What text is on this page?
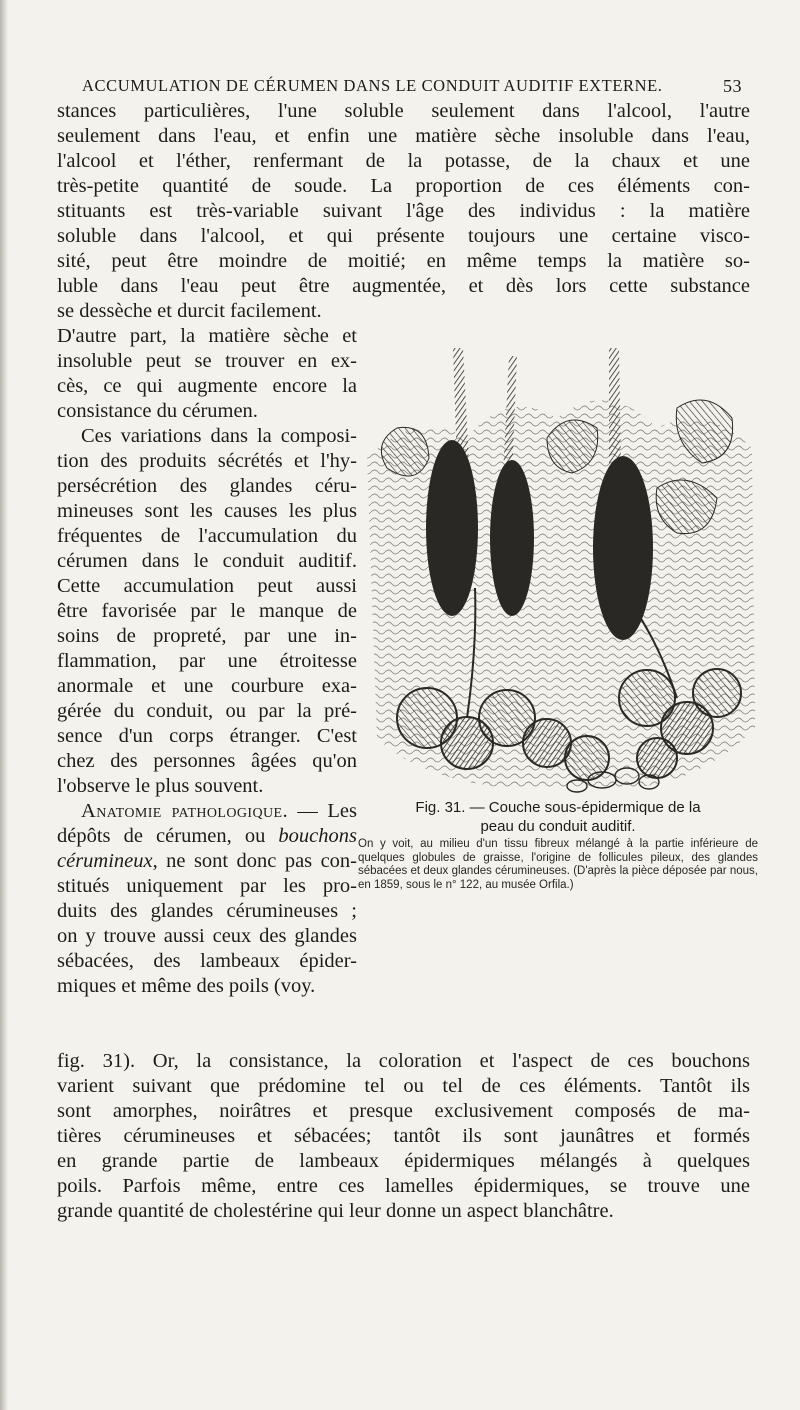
ACCUMULATION DE CÉRUMEN DANS LE CONDUIT AUDITIF EXTERNE.	53
stances particulières, l'une soluble seulement dans l'alcool, l'autre
seulement dans l'eau, et enfin une matière sèche insoluble dans l'eau,
l'alcool et l'éther, renfermant de la potasse, de la chaux et une
très-petite quantité de soude. La proportion de ces éléments con-
stituants est très-variable suivant l'âge des individus : la matière
soluble dans l'alcool, et qui présente toujours une certaine visco-
sité, peut être moindre de moitié; en même temps la matière so-
luble dans l'eau peut être augmentée, et dès lors cette substance
se dessèche et durcit facilement.
D'autre part, la matière sèche et
insoluble peut se trouver en ex-
cès, ce qui augmente encore la
consistance du cérumen.
Ces variations dans la composi-
tion des produits sécrétés et l'hy-
persécrétion des glandes céru-
mineuses sont les causes les plus
fréquentes de l'accumulation du
cérumen dans le conduit auditif.
Cette accumulation peut aussi
être favorisée par le manque de
soins de propreté, par une in-
flammation, par une étroitesse
anormale et une courbure exa-
gérée du conduit, ou par la pré-
sence d'un corps étranger. C'est
chez des personnes âgées qu'on
l'observe le plus souvent.
Anatomie pathologique. — Les
dépôts de cérumen, ou bouchons
cérumineux, ne sont donc pas con-
stitués uniquement par les pro-
duits des glandes cérumineuses ;
on y trouve aussi ceux des glandes
sébacées, des lambeaux épider-
miques et même des poils (voy.
Fig. 31. — Couche sous-épidermique de la
peau du conduit auditif.
On y voit, au milieu d'un tissu fibreux mélangé à la partie inférieure de quelques globules de graisse, l'origine de follicules pileux, des glandes sébacées et deux glandes cérumineuses. (D'après la pièce déposée par nous, en 1859, sous le n° 122, au musée Orfila.)
fig. 31). Or, la consistance, la coloration et l'aspect de ces bouchons
varient suivant que prédomine tel ou tel de ces éléments. Tantôt ils
sont amorphes, noirâtres et presque exclusivement composés de ma-
tières cérumineuses et sébacées; tantôt ils sont jaunâtres et formés
en grande partie de lambeaux épidermiques mélangés à quelques
poils. Parfois même, entre ces lamelles épidermiques, se trouve une
grande quantité de cholestérine qui leur donne un aspect blanchâtre.
